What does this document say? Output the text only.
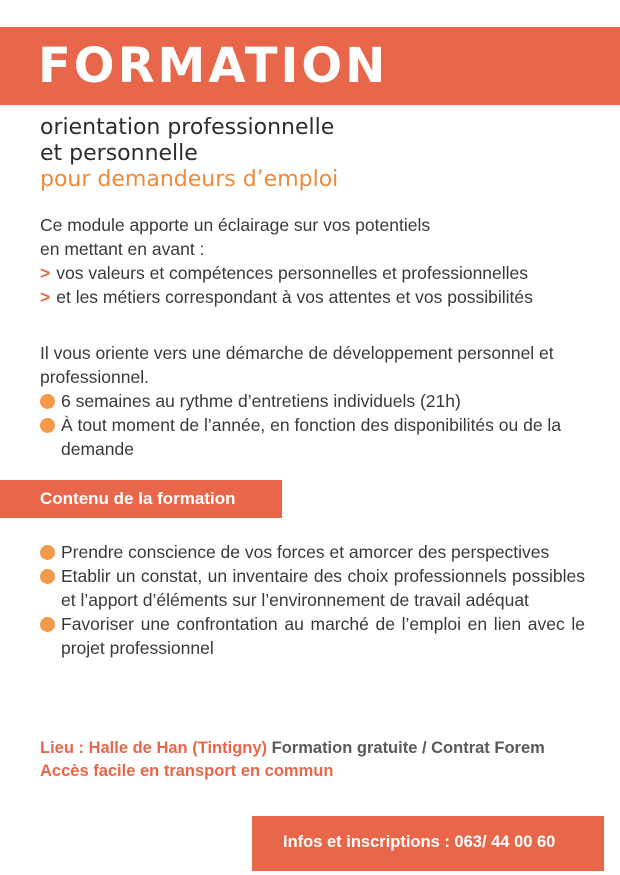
FORMATION
orientation professionnelle
et personnelle
pour demandeurs d’emploi
Ce module apporte un éclairage sur vos potentiels
en mettant en avant :
> vos valeurs et compétences personnelles et professionnelles
> et les métiers correspondant à vos attentes et vos possibilités
Il vous oriente vers une démarche de développement personnel et professionnel.
6 semaines au rythme d’entretiens individuels (21h)
À tout moment de l’année, en fonction des disponibilités ou de la demande
Contenu de la formation
Prendre conscience de vos forces et amorcer des perspectives
Etablir un constat, un inventaire des choix professionnels possibles et l’apport d’éléments sur l’environnement de travail adéquat
Favoriser une confrontation au marché de l’emploi en lien avec le projet professionnel
Lieu : Halle de Han (Tintigny) Formation gratuite / Contrat Forem
Accès facile en transport en commun
Infos et inscriptions : 063/ 44 00 60
